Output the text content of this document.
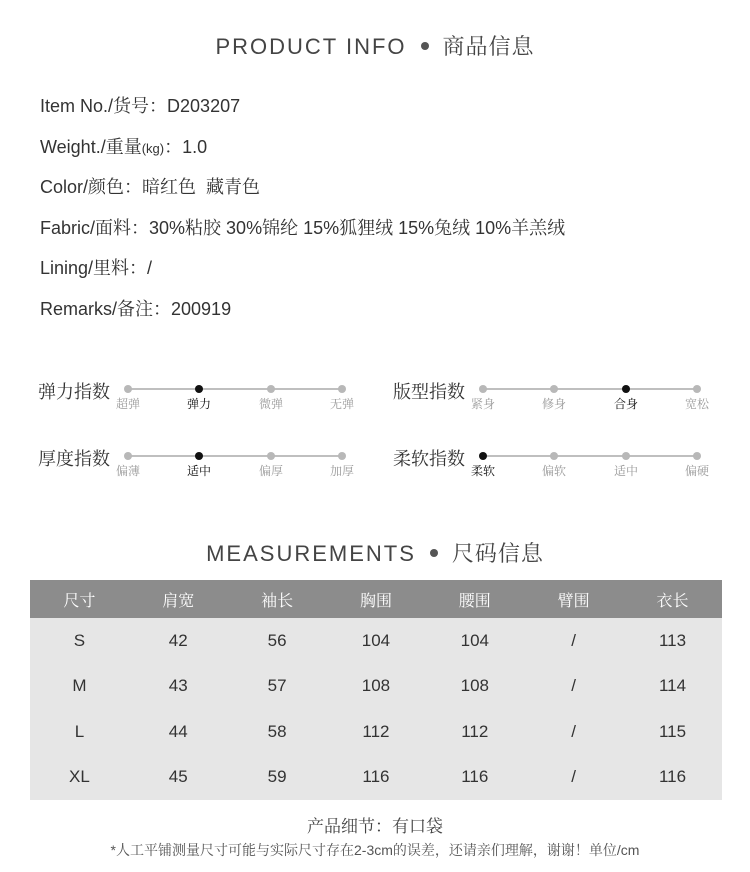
PRODUCT INFO 商品信息
Item No./货号：D203207
Weight./重量(kg)：1.0
Color/颜色：暗红色  藏青色
Fabric/面料：30%粘胶 30%锦纶 15%狐狸绒 15%兔绒 10%羊羔绒
Lining/里料：/
Remarks/备注：200919
弹力指数
超弹	弹力	微弹	无弹
版型指数
紧身	修身	合身	宽松
厚度指数
偏薄	适中	偏厚	加厚
柔软指数
柔软	偏软	适中	偏硬
MEASUREMENTS 尺码信息
尺寸	肩宽	袖长	胸围	腰围	臂围	衣长
S	42	56	104	104	/	113
M	43	57	108	108	/	114
L	44	58	112	112	/	115
XL	45	59	116	116	/	116
产品细节：有口袋
*人工平铺测量尺寸可能与实际尺寸存在2-3cm的误差，还请亲们理解，谢谢！单位/cm
